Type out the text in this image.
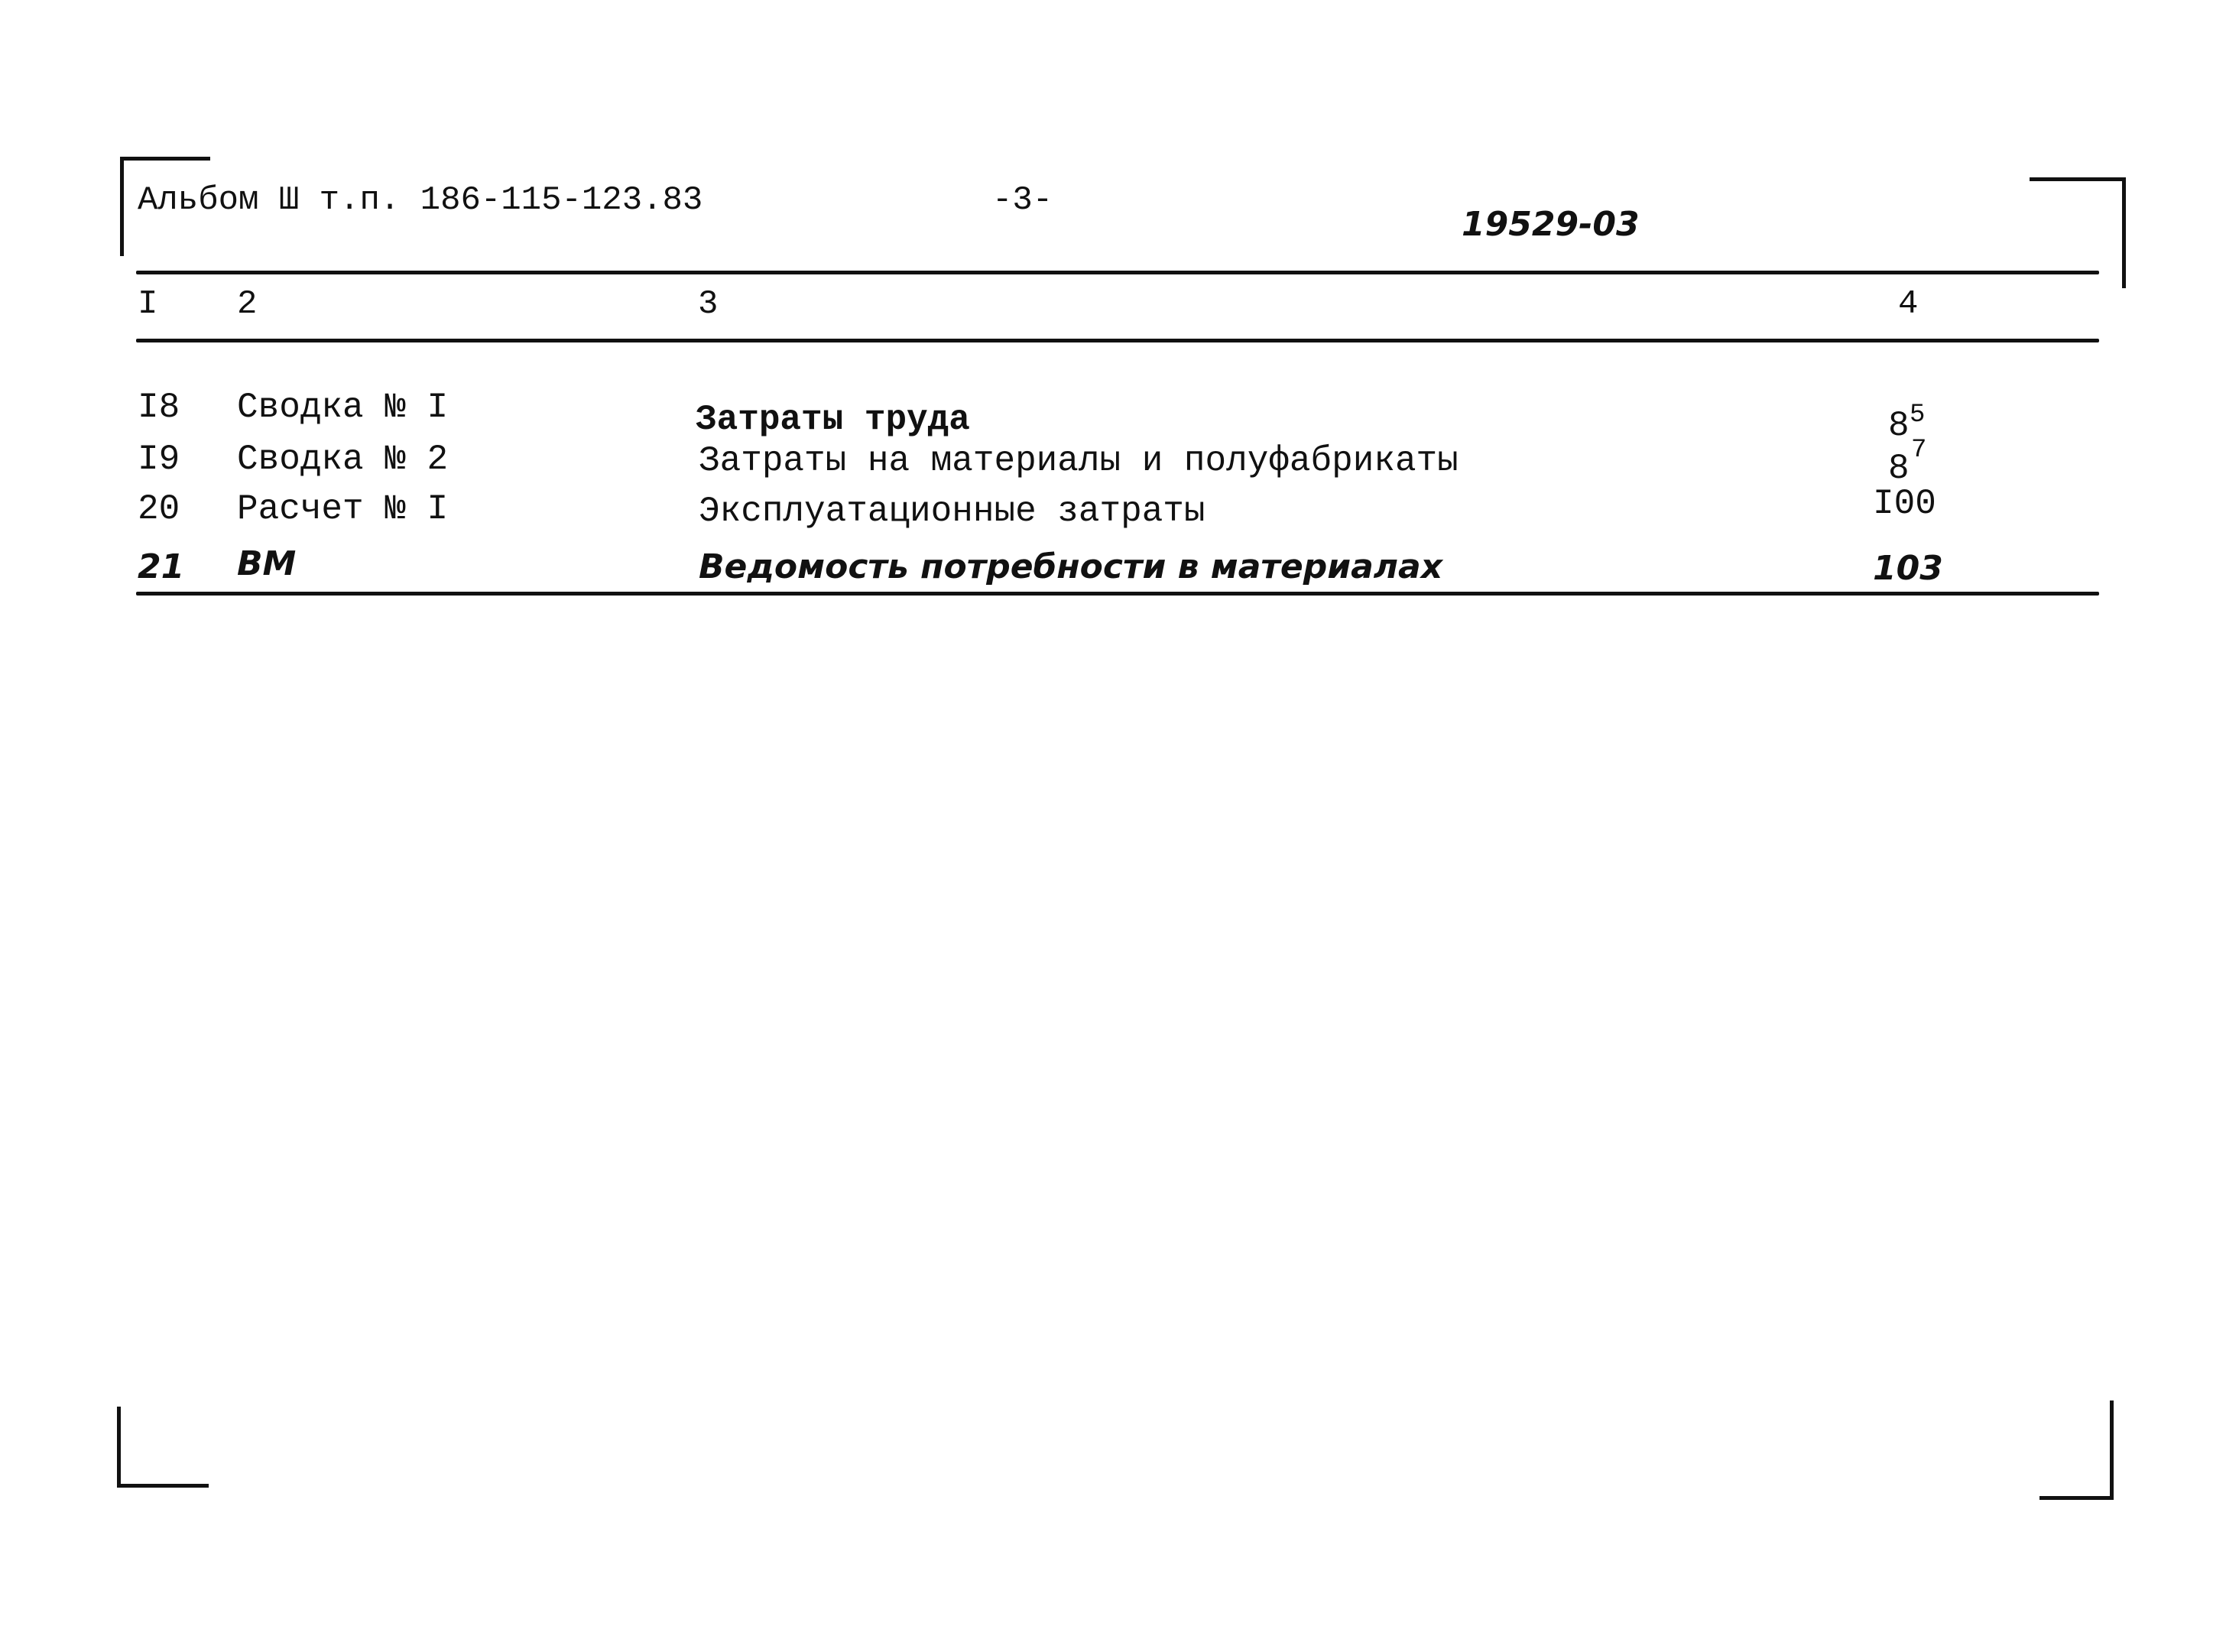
Альбом Ш т.п. 186-115-123.83	-3-
19529-03
I 2	3	4
I8 Сводка № I	Затраты труда	8 5
I9 Сводка № 2	Затраты на материалы и полуфабрикаты	8 7
20 Расчет № I	Эксплуатационные затраты	I00
21 ВМ	Ведомость потребности в материалах	103
